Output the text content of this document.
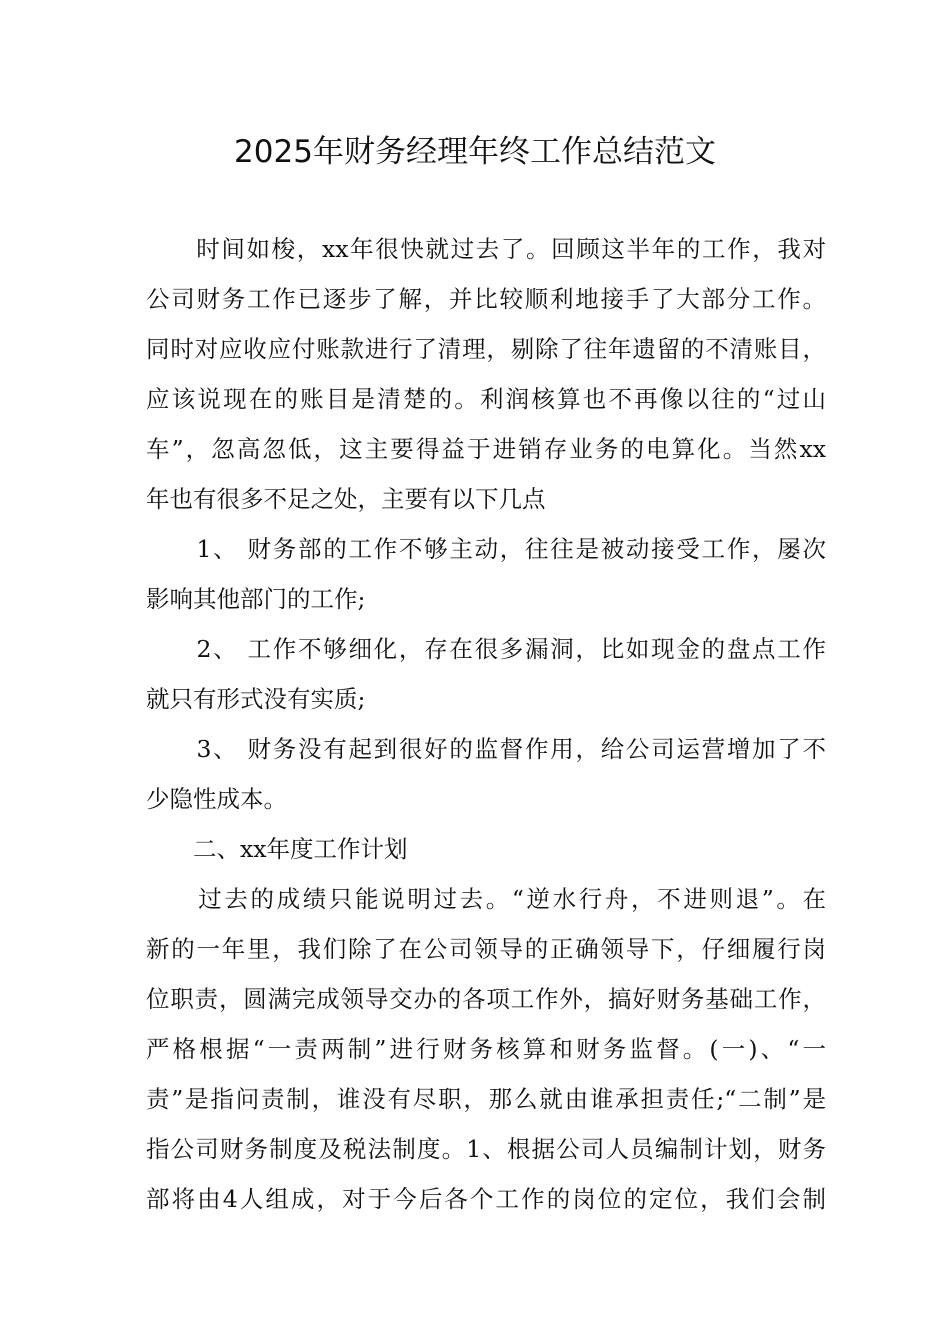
2025年财务经理年终工作总结范文
　　时间如梭，xx年很快就过去了。回顾这半年的工作，我对
公司财务工作已逐步了解，并比较顺利地接手了大部分工作。
同时对应收应付账款进行了清理，剔除了往年遗留的不清账目，
应该说现在的账目是清楚的。利润核算也不再像以往的“过山
车”，忽高忽低，这主要得益于进销存业务的电算化。当然xx
年也有很多不足之处，主要有以下几点
　　1、 财务部的工作不够主动，往往是被动接受工作，屡次
影响其他部门的工作;
　　2、 工作不够细化，存在很多漏洞，比如现金的盘点工作
就只有形式没有实质;
　　3、 财务没有起到很好的监督作用，给公司运营增加了不
少隐性成本。
　　二、xx年度工作计划
　　过去的成绩只能说明过去。“逆水行舟，不进则退”。在
新的一年里，我们除了在公司领导的正确领导下，仔细履行岗
位职责，圆满完成领导交办的各项工作外，搞好财务基础工作，
严格根据“一责两制”进行财务核算和财务监督。(一)、“一
责”是指问责制，谁没有尽职，那么就由谁承担责任;“二制”是
指公司财务制度及税法制度。1、根据公司人员编制计划，财务
部将由4人组成，对于今后各个工作的岗位的定位，我们会制
